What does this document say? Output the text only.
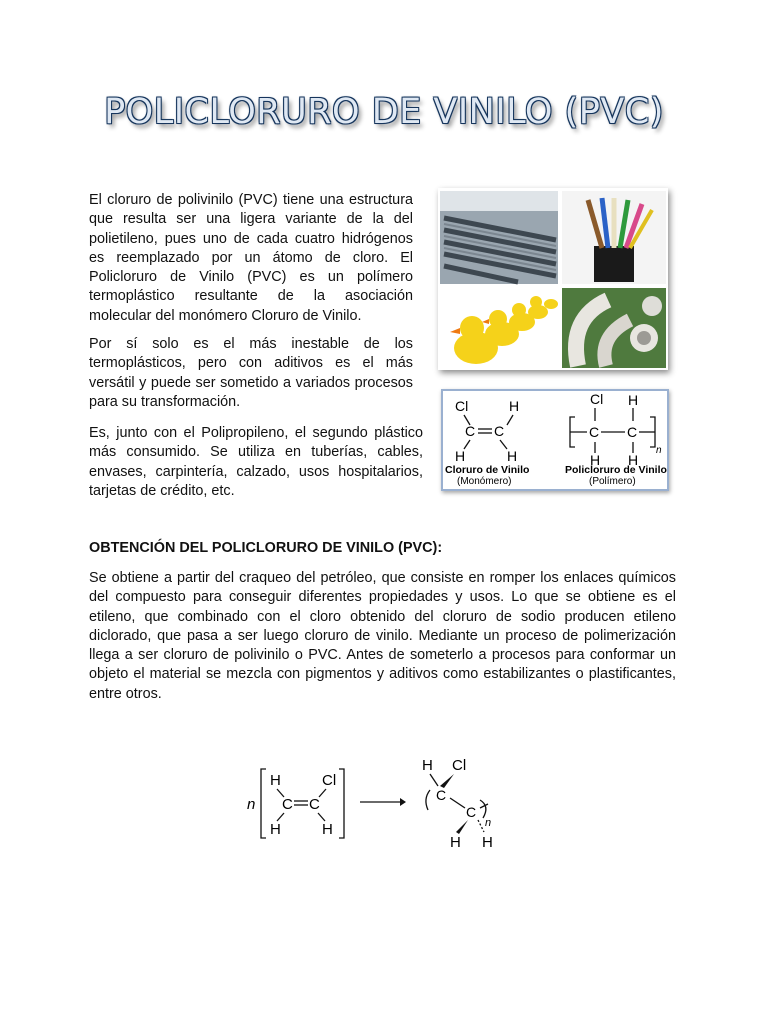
POLICLORURO DE VINILO (PVC)

El cloruro de polivinilo (PVC) tiene una estructura que resulta ser una ligera variante de la del polietileno, pues uno de cada cuatro hidrógenos es reemplazado por un átomo de cloro. El Policloruro de Vinilo (PVC) es un polímero termoplástico resultante de la asociación molecular del monómero Cloruro de Vinilo.

Por sí solo es el más inestable de los termoplásticos, pero con aditivos es el más versátil y puede ser sometido a variados procesos para su transformación.

Es, junto con el Polipropileno, el segundo plástico más consumido. Se utiliza en tuberías, cables, envases, carpintería, calzado, usos hospitalarios, tarjetas de crédito, etc.

Cl	H
C C
H	H
Cloruro de Vinilo
(Monómero)
Cl H
C C
n
H H
Policloruro de Vinilo
(Polímero)
OBTENCIÓN DEL POLICLORURO DE VINILO (PVC):

Se obtiene a partir del craqueo del petróleo, que consiste en romper los enlaces químicos del compuesto para conseguir diferentes propiedades y usos. Lo que se obtiene es el etileno, que combinado con el cloro obtenido del cloruro de sodio producen etileno diclorado, que pasa a ser luego cloruro de vinilo. Mediante un proceso de polimerización llega a ser cloruro de polivinilo o PVC. Antes de someterlo a procesos para conformar un objeto el material se mezcla con pigmentos y aditivos como estabilizantes o plastificantes, entre otros.

n
H	Cl
C C
H	H
H Cl
C
C
n
H H
